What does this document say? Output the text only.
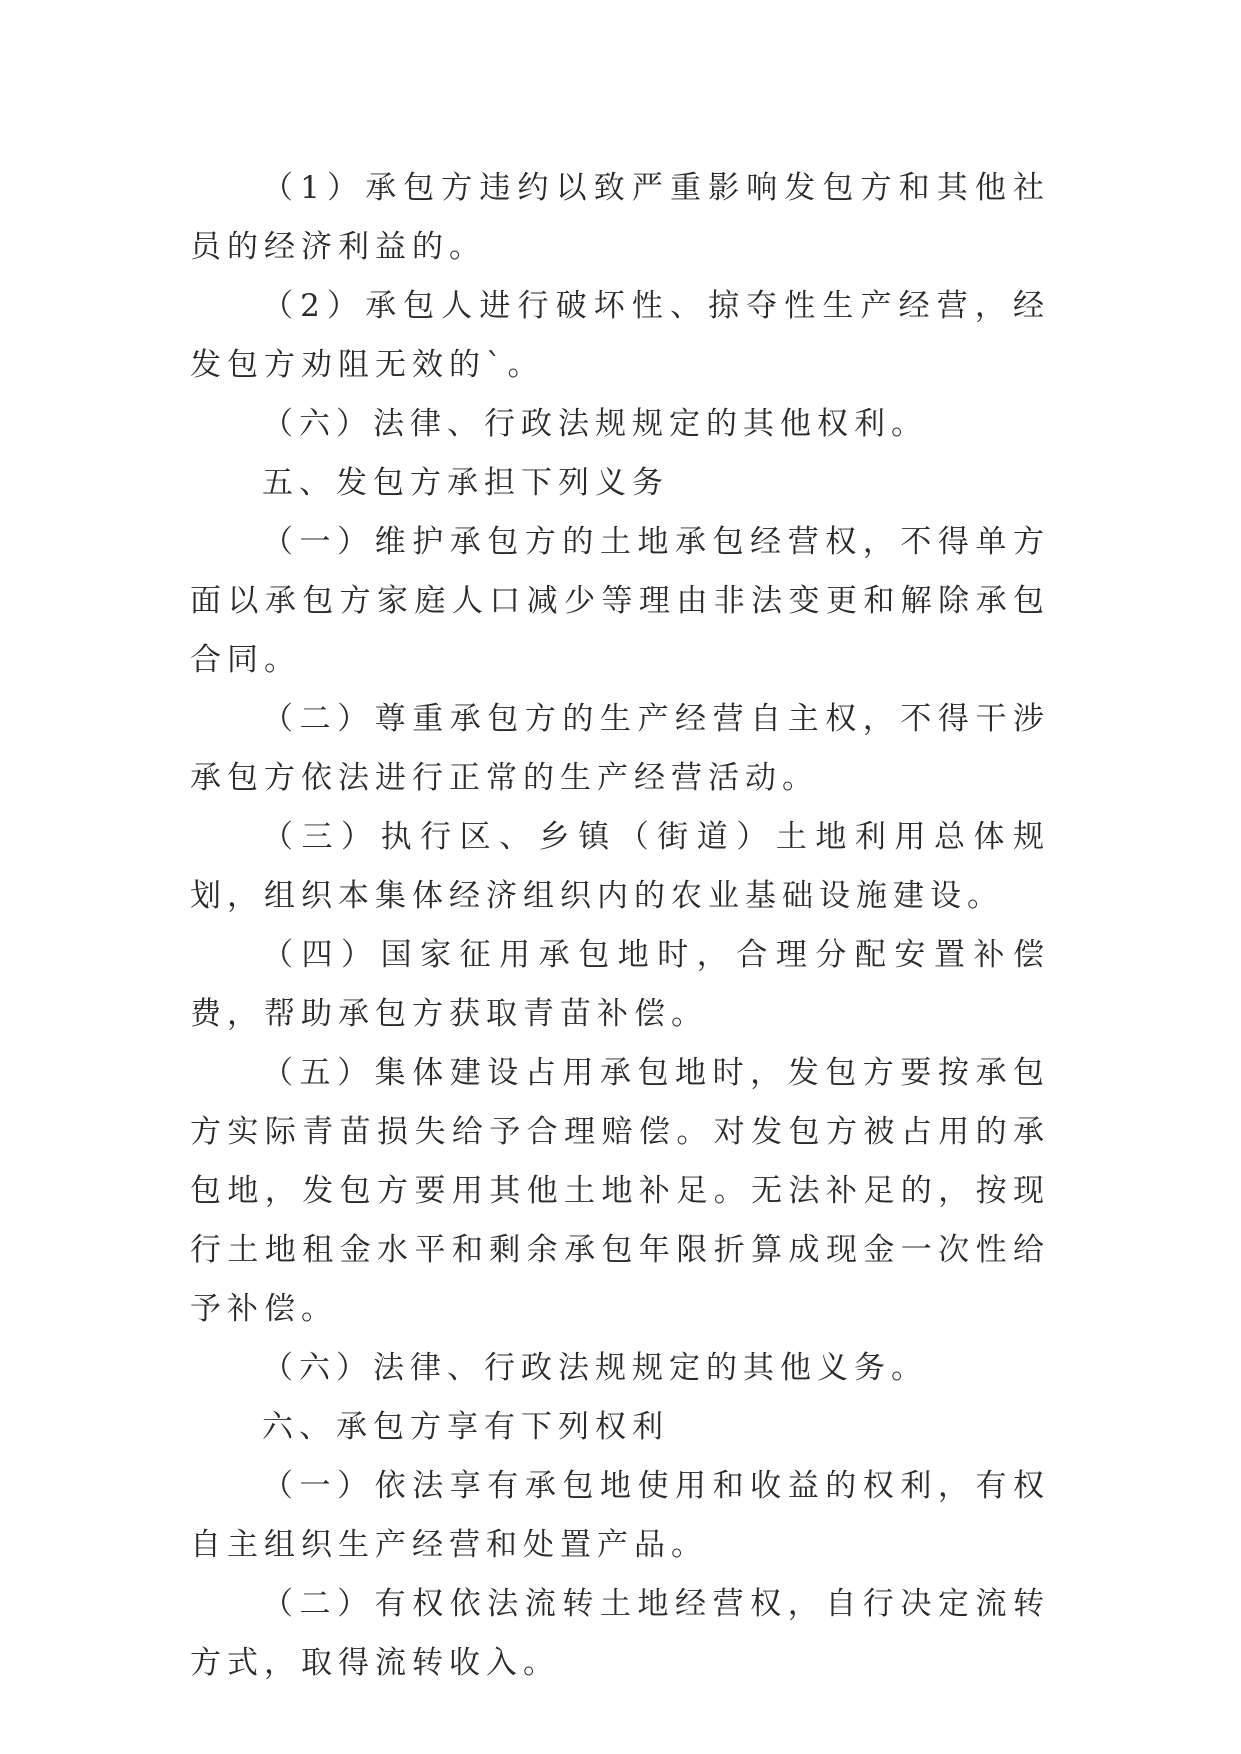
（1）承包方违约以致严重影响发包方和其他社员的经济利益的。

（2）承包人进行破坏性、掠夺性生产经营，经发包方劝阻无效的`。

（六）法律、行政法规规定的其他权利。

五、发包方承担下列义务

（一）维护承包方的土地承包经营权，不得单方面以承包方家庭人口减少等理由非法变更和解除承包合同。

（二）尊重承包方的生产经营自主权，不得干涉承包方依法进行正常的生产经营活动。

（三）执行区、乡镇（街道）土地利用总体规划，组织本集体经济组织内的农业基础设施建设。

（四）国家征用承包地时，合理分配安置补偿费，帮助承包方获取青苗补偿。

（五）集体建设占用承包地时，发包方要按承包方实际青苗损失给予合理赔偿。对发包方被占用的承包地，发包方要用其他土地补足。无法补足的，按现行土地租金水平和剩余承包年限折算成现金一次性给予补偿。

（六）法律、行政法规规定的其他义务。

六、承包方享有下列权利

（一）依法享有承包地使用和收益的权利，有权自主组织生产经营和处置产品。

（二）有权依法流转土地经营权，自行决定流转方式，取得流转收入。
